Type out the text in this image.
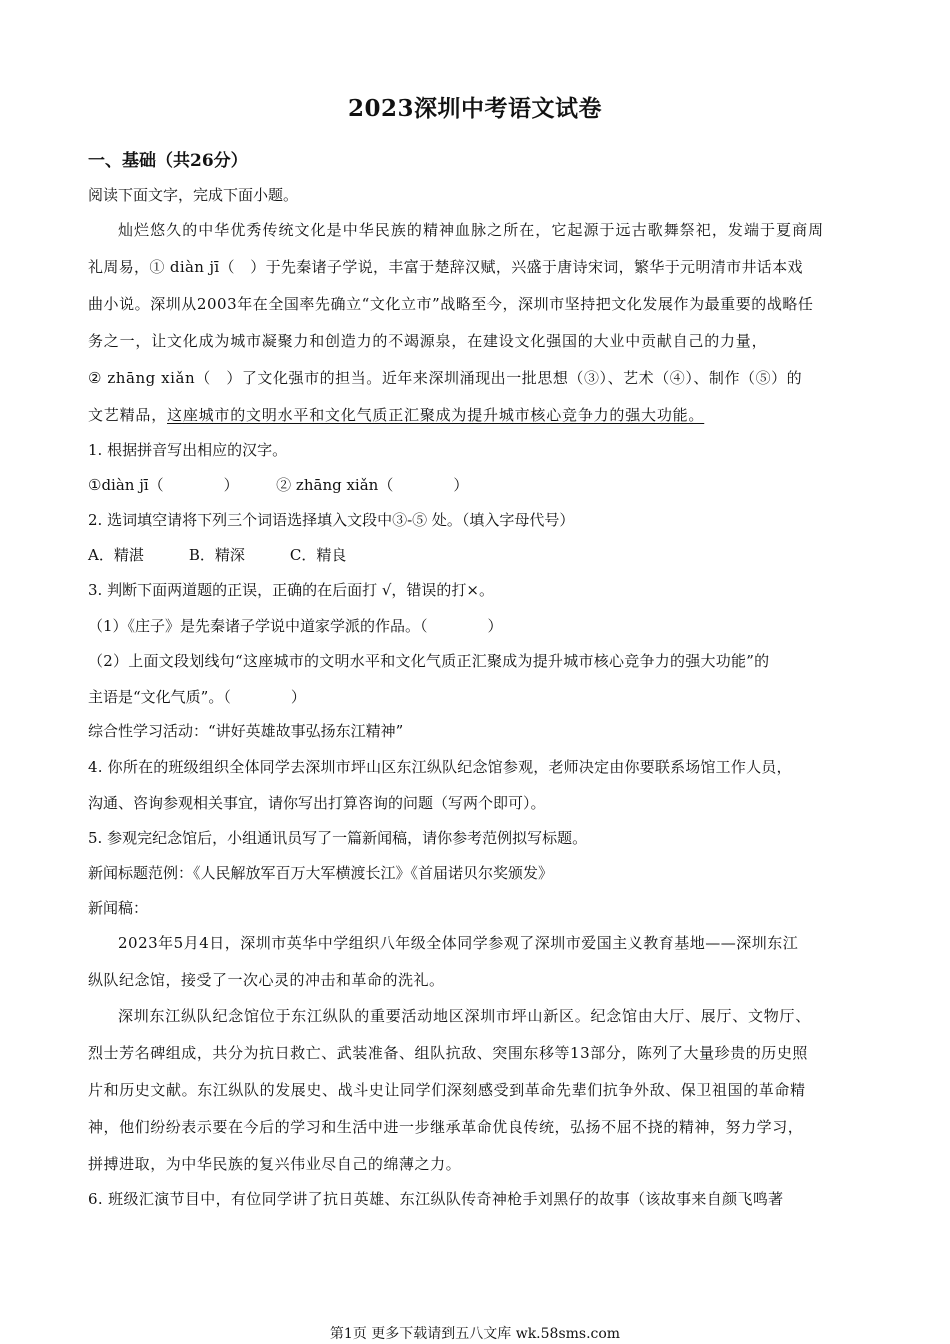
2023深圳中考语文试卷
一、基础（共26分）
阅读下面文字，完成下面小题。
灿烂悠久的中华优秀传统文化是中华民族的精神血脉之所在，它起源于远古歌舞祭祀，发端于夏商周
礼周易，① diàn jī（　）于先秦诸子学说，丰富于楚辞汉赋，兴盛于唐诗宋词，繁华于元明清市井话本戏
曲小说。深圳从2003年在全国率先确立“文化立市”战略至今，深圳市坚持把文化发展作为最重要的战略任
务之一，让文化成为城市凝聚力和创造力的不竭源泉，在建设文化强国的大业中贡献自己的力量，
② zhāng xiǎn（　）了文化强市的担当。近年来深圳涌现出一批思想（③）、艺术（④）、制作（⑤）的
文艺精品，这座城市的文明水平和文化气质正汇聚成为提升城市核心竞争力的强大功能。
1. 根据拼音写出相应的汉字。
①diàn jī（　　　　）　　　② zhāng xiǎn（　　　　）
2. 选词填空请将下列三个词语选择填入文段中③-⑤ 处。（填入字母代号）
A．精湛　　　B．精深　　　C．精良
3. 判断下面两道题的正误，正确的在后面打 √，错误的打×。
（1）《庄子》是先秦诸子学说中道家学派的作品。（　　　　）
（2）上面文段划线句“这座城市的文明水平和文化气质正汇聚成为提升城市核心竞争力的强大功能”的
主语是“文化气质”。（　　　　）
综合性学习活动：“讲好英雄故事弘扬东江精神”
4. 你所在的班级组织全体同学去深圳市坪山区东江纵队纪念馆参观，老师决定由你要联系场馆工作人员，
沟通、咨询参观相关事宜，请你写出打算咨询的问题（写两个即可）。
5. 参观完纪念馆后，小组通讯员写了一篇新闻稿，请你参考范例拟写标题。
新闻标题范例：《人民解放军百万大军横渡长江》《首届诺贝尔奖颁发》
新闻稿：
2023年5月4日，深圳市英华中学组织八年级全体同学参观了深圳市爱国主义教育基地——深圳东江
纵队纪念馆，接受了一次心灵的冲击和革命的洗礼。
深圳东江纵队纪念馆位于东江纵队的重要活动地区深圳市坪山新区。纪念馆由大厅、展厅、文物厅、
烈士芳名碑组成，共分为抗日救亡、武装准备、组队抗敌、突围东移等13部分，陈列了大量珍贵的历史照
片和历史文献。东江纵队的发展史、战斗史让同学们深刻感受到革命先辈们抗争外敌、保卫祖国的革命精
神，他们纷纷表示要在今后的学习和生活中进一步继承革命优良传统，弘扬不屈不挠的精神，努力学习，
拼搏进取，为中华民族的复兴伟业尽自己的绵薄之力。
6. 班级汇演节目中，有位同学讲了抗日英雄、东江纵队传奇神枪手刘黑仔的故事（该故事来自颜飞鸣著
第1页 更多下载请到五八文库 wk.58sms.com
